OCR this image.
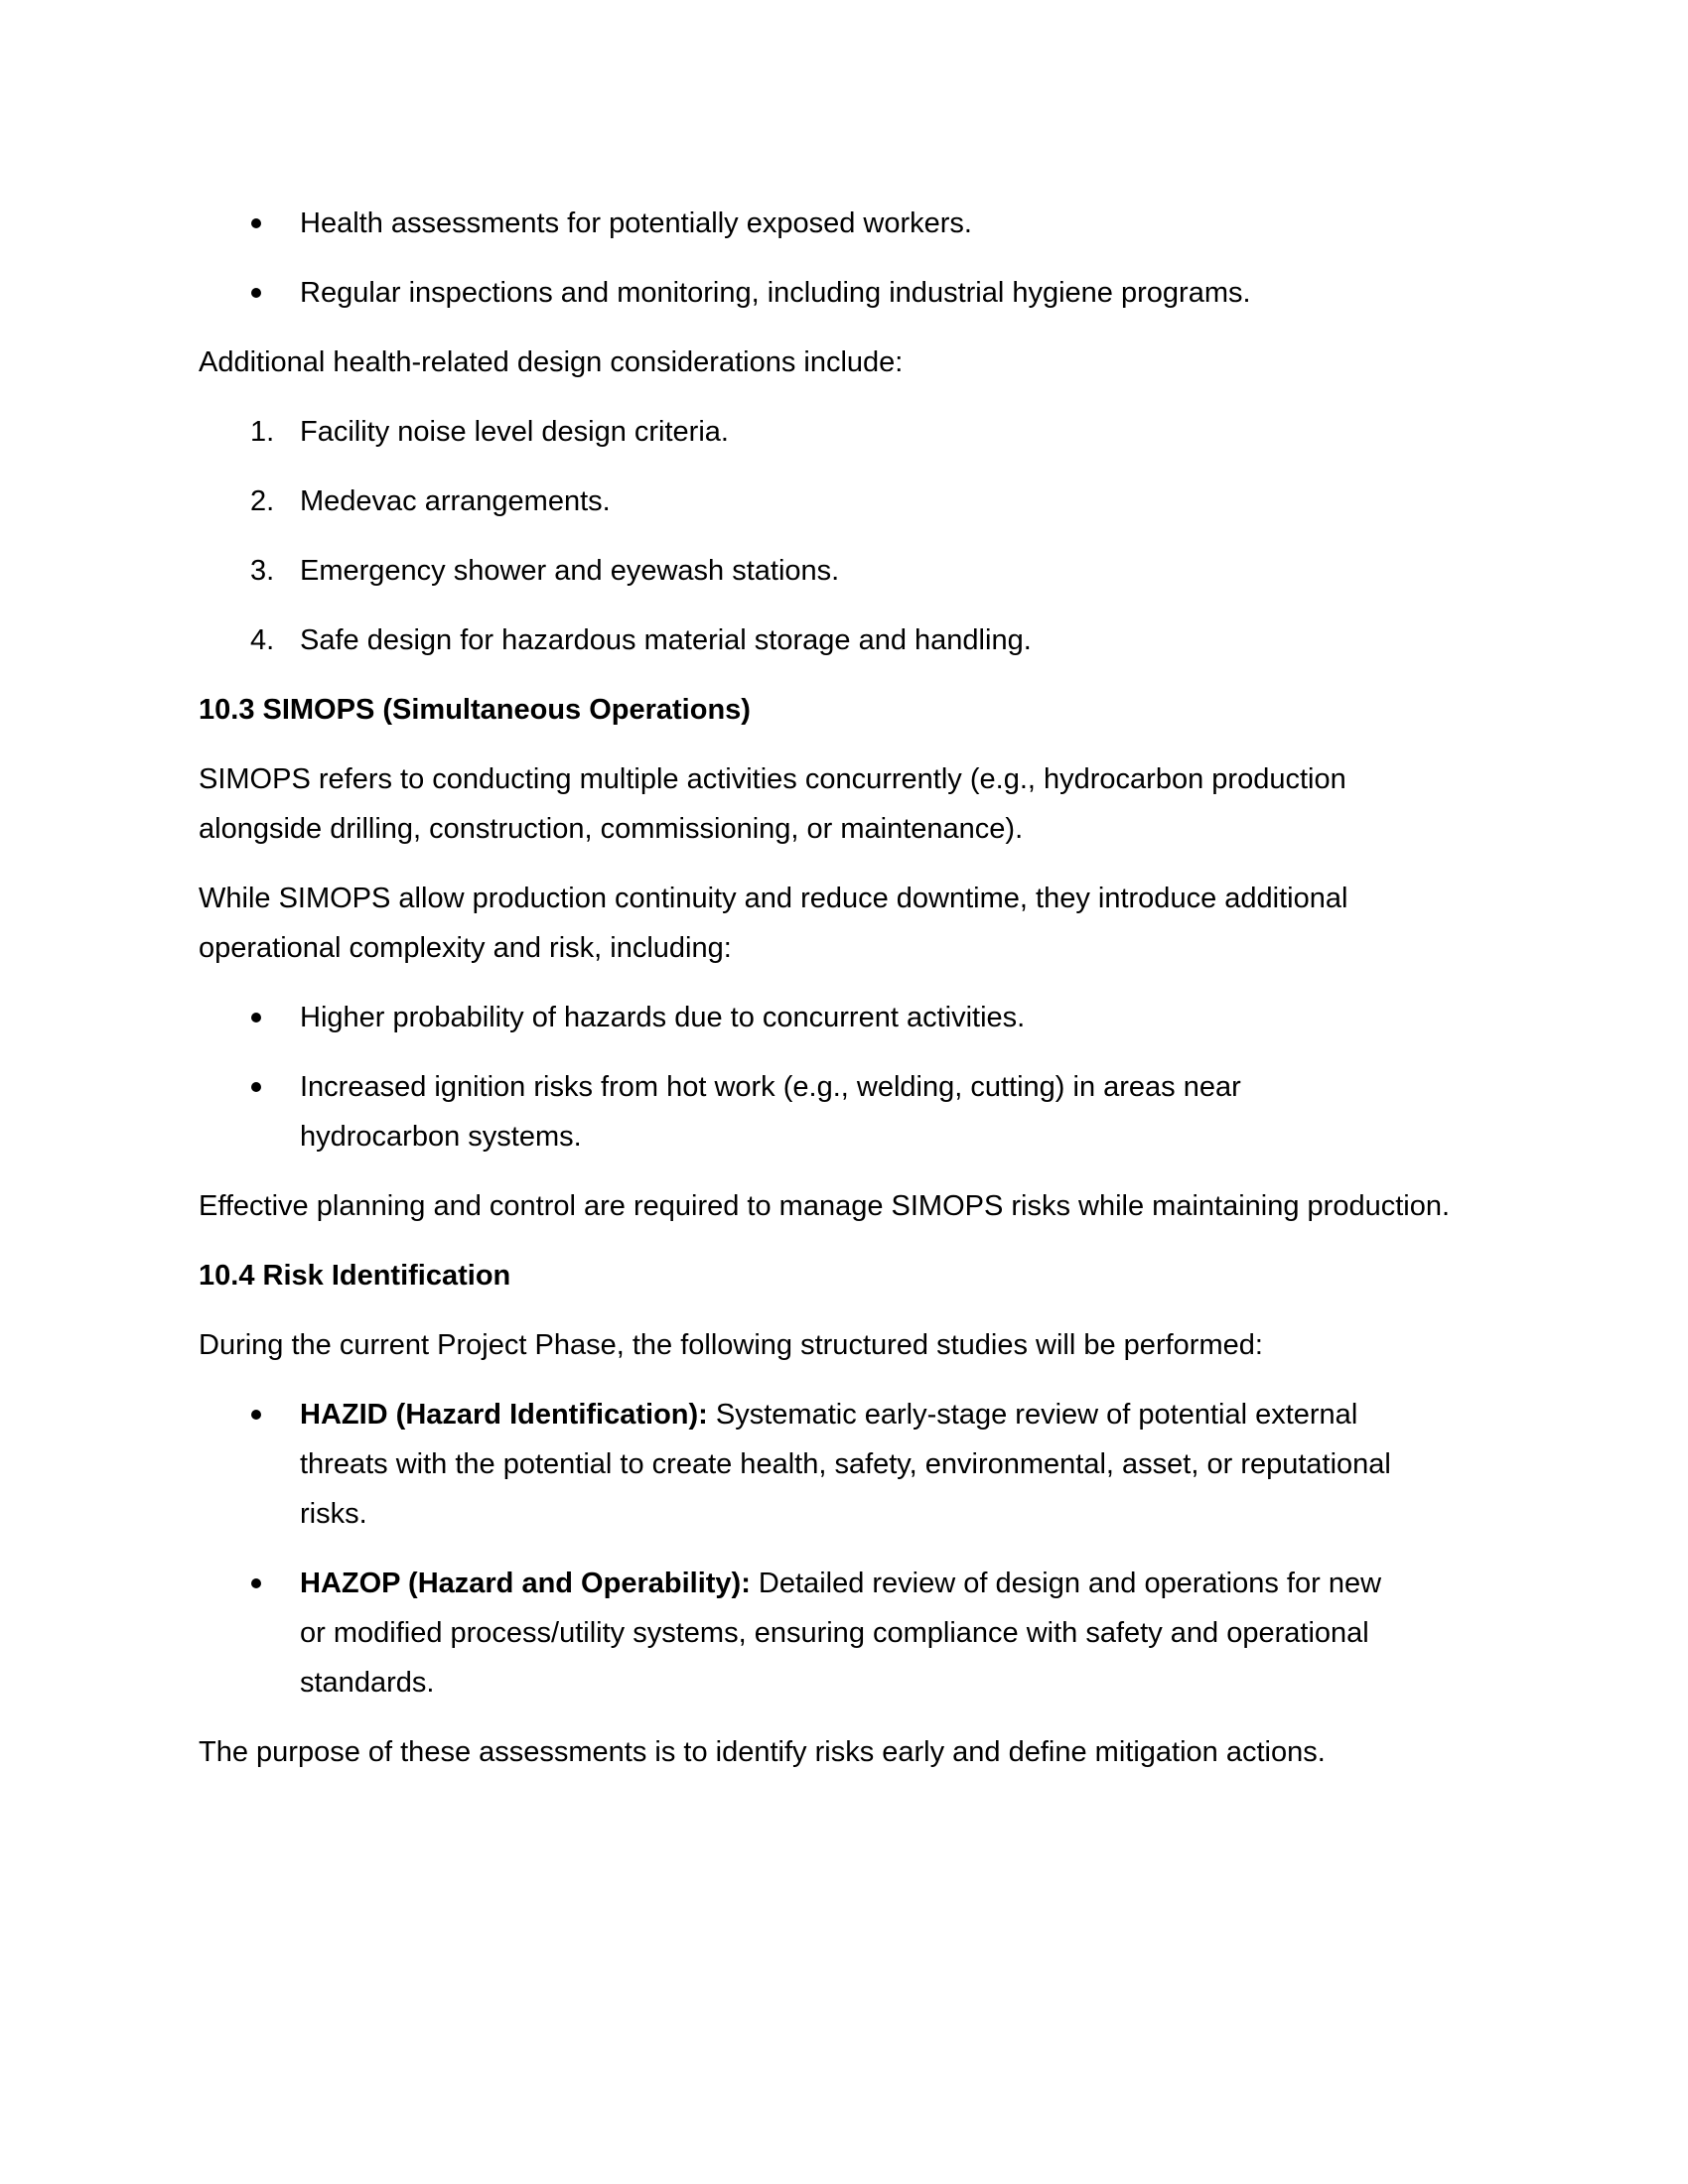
Health assessments for potentially exposed workers.
Regular inspections and monitoring, including industrial hygiene programs.

Additional health-related design considerations include:

1. Facility noise level design criteria.
2. Medevac arrangements.
3. Emergency shower and eyewash stations.
4. Safe design for hazardous material storage and handling.
10.3 SIMOPS (Simultaneous Operations)

SIMOPS refers to conducting multiple activities concurrently (e.g., hydrocarbon production alongside drilling, construction, commissioning, or maintenance).

While SIMOPS allow production continuity and reduce downtime, they introduce additional operational complexity and risk, including:

Higher probability of hazards due to concurrent activities.
Increased ignition risks from hot work (e.g., welding, cutting) in areas near hydrocarbon systems.

Effective planning and control are required to manage SIMOPS risks while maintaining production.

10.4 Risk Identification

During the current Project Phase, the following structured studies will be performed:

HAZID (Hazard Identification): Systematic early-stage review of potential external threats with the potential to create health, safety, environmental, asset, or reputational risks.
HAZOP (Hazard and Operability): Detailed review of design and operations for new or modified process/utility systems, ensuring compliance with safety and operational standards.

The purpose of these assessments is to identify risks early and define mitigation actions.
